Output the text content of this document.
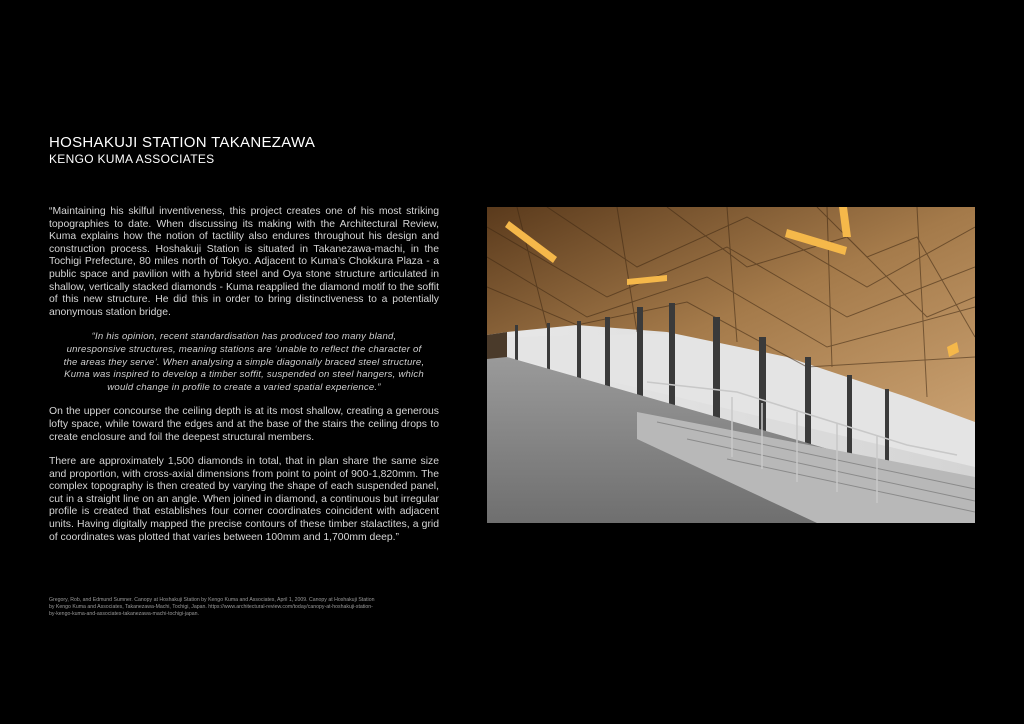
HOSHAKUJI STATION TAKANEZAWA
KENGO KUMA ASSOCIATES

“Maintaining his skilful inventiveness, this project creates one of his most striking topographies to date. When discussing its making with the Architectural Review, Kuma explains how the notion of tactility also endures throughout his design and construction process. Hoshakuji Station is situated in Takanezawa-machi, in the Tochigi Prefecture, 80 miles north of Tokyo. Adjacent to Kuma’s Chokkura Plaza - a public space and pavilion with a hybrid steel and Oya stone structure articulated in shallow, vertically stacked diamonds - Kuma reapplied the diamond motif to the soffit of this new structure. He did this in order to bring distinctiveness to a potentially anonymous station bridge.

“In his opinion, recent standardisation has produced too many bland, unresponsive structures, meaning stations are ‘unable to reflect the character of the areas they serve’. When analysing a simple diagonally braced steel structure, Kuma was inspired to develop a timber soffit, suspended on steel hangers, which would change in profile to create a varied spatial experience.”

On the upper concourse the ceiling depth is at its most shallow, creating a generous lofty space, while toward the edges and at the base of the stairs the ceiling drops to create enclosure and foil the deepest structural members.

There are approximately 1,500 diamonds in total, that in plan share the same size and proportion, with cross-axial dimensions from point to point of 900-1,820mm. The complex topography is then created by varying the shape of each suspended panel, cut in a straight line on an angle. When joined in diamond, a continuous but irregular profile is created that establishes four corner coordinates coincident with adjacent units. Having digitally mapped the precise contours of these timber stalactites, a grid of coordinates was plotted that varies between 100mm and 1,700mm deep.”

Gregory, Rob, and Edmund Sumner. Canopy at Hoshakuji Station by Kengo Kuma and Associates, April 1, 2009. Canopy at Hoshakuji Station by Kengo Kuma and Associates, Takanezawa-Machi, Tochigi, Japan. https://www.architectural-review.com/today/canopy-at-hoshakuji-station-by-kengo-kuma-and-associates-takanezawa-machi-tochigi-japan.
